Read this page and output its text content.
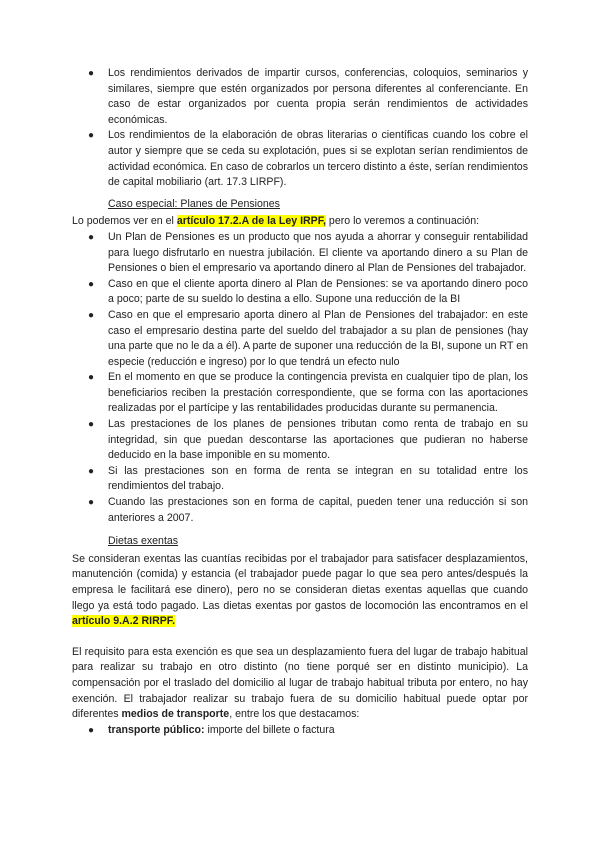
● Los rendimientos derivados de impartir cursos, conferencias, coloquios, seminarios y similares, siempre que estén organizados por persona diferentes al conferenciante. En caso de estar organizados por cuenta propia serán rendimientos de actividades económicas.
● Los rendimientos de la elaboración de obras literarias o científicas cuando los cobre el autor y siempre que se ceda su explotación, pues si se explotan serían rendimientos de actividad económica. En caso de cobrarlos un tercero distinto a éste, serían rendimientos de capital mobiliario (art. 17.3 LIRPF).
Caso especial: Planes de Pensiones

Lo podemos ver en el artículo 17.2.A de la Ley IRPF, pero lo veremos a continuación:

● Un Plan de Pensiones es un producto que nos ayuda a ahorrar y conseguir rentabilidad para luego disfrutarlo en nuestra jubilación. El cliente va aportando dinero a su Plan de Pensiones o bien el empresario va aportando dinero al Plan de Pensiones del trabajador.
● Caso en que el cliente aporta dinero al Plan de Pensiones: se va aportando dinero poco a poco; parte de su sueldo lo destina a ello. Supone una reducción de la BI
● Caso en que el empresario aporta dinero al Plan de Pensiones del trabajador: en este caso el empresario destina parte del sueldo del trabajador a su plan de pensiones (hay una parte que no le da a él). A parte de suponer una reducción de la BI, supone un RT en especie (reducción e ingreso) por lo que tendrá un efecto nulo
● En el momento en que se produce la contingencia prevista en cualquier tipo de plan, los beneficiarios reciben la prestación correspondiente, que se forma con las aportaciones realizadas por el partícipe y las rentabilidades producidas durante su permanencia.
● Las prestaciones de los planes de pensiones tributan como renta de trabajo en su integridad, sin que puedan descontarse las aportaciones que pudieran no haberse deducido en la base imponible en su momento.
● Si las prestaciones son en forma de renta se integran en su totalidad entre los rendimientos del trabajo.
● Cuando las prestaciones son en forma de capital, pueden tener una reducción si son anteriores a 2007.
Dietas exentas

Se consideran exentas las cuantías recibidas por el trabajador para satisfacer desplazamientos, manutención (comida) y estancia (el trabajador puede pagar lo que sea pero antes/después la empresa le facilitará ese dinero), pero no se consideran dietas exentas aquellas que cuando llego ya está todo pagado. Las dietas exentas por gastos de locomoción las encontramos en el artículo 9.A.2 RIRPF.

El requisito para esta exención es que sea un desplazamiento fuera del lugar de trabajo habitual para realizar su trabajo en otro distinto (no tiene porqué ser en distinto municipio). La compensación por el traslado del domicilio al lugar de trabajo habitual tributa por entero, no hay exención. El trabajador realizar su trabajo fuera de su domicilio habitual puede optar por diferentes medios de transporte, entre los que destacamos:

● transporte público: importe del billete o factura
